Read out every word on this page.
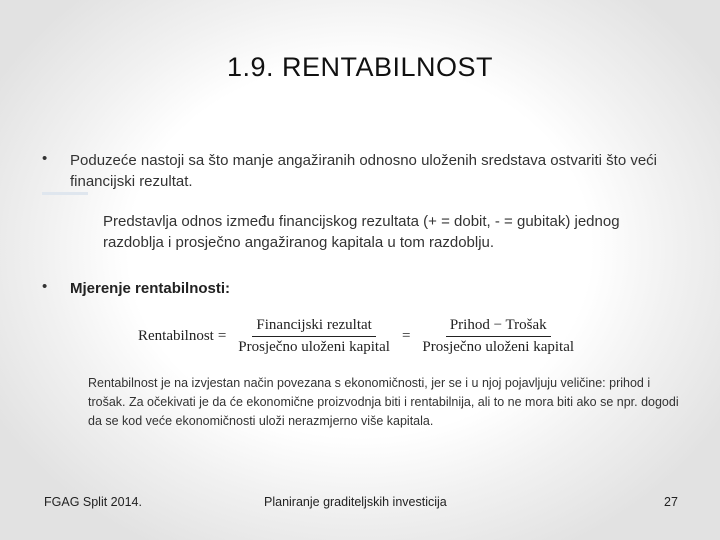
1.9. RENTABILNOST
• Poduzeće nastoji sa što manje angažiranih odnosno uloženih sredstava ostvariti što veći financijski rezultat.
Predstavlja odnos između financijskog rezultata (+ = dobit, - = gubitak) jednog razdoblja i prosječno angažiranog kapitala u tom razdoblju.
• Mjerenje rentabilnosti:
Rentabilnost = $\frac{\text{Financijski rezultat}}{\text{Prosječno uloženi kapital}} = \frac{\text{Prihod − Trošak}}{\text{Prosječno uloženi kapital}}$
Rentabilnost je na izvjestan način povezana s ekonomičnosti, jer se i u njoj pojavljuju veličine: prihod i trošak. Za očekivati je da će ekonomične proizvodnja biti i rentabilnija, ali to ne mora biti ako se npr. dogodi da se kod veće ekonomičnosti uloži nerazmjerno više kapitala.
FGAG Split 2014.	Planiranje graditeljskih investicija	27
